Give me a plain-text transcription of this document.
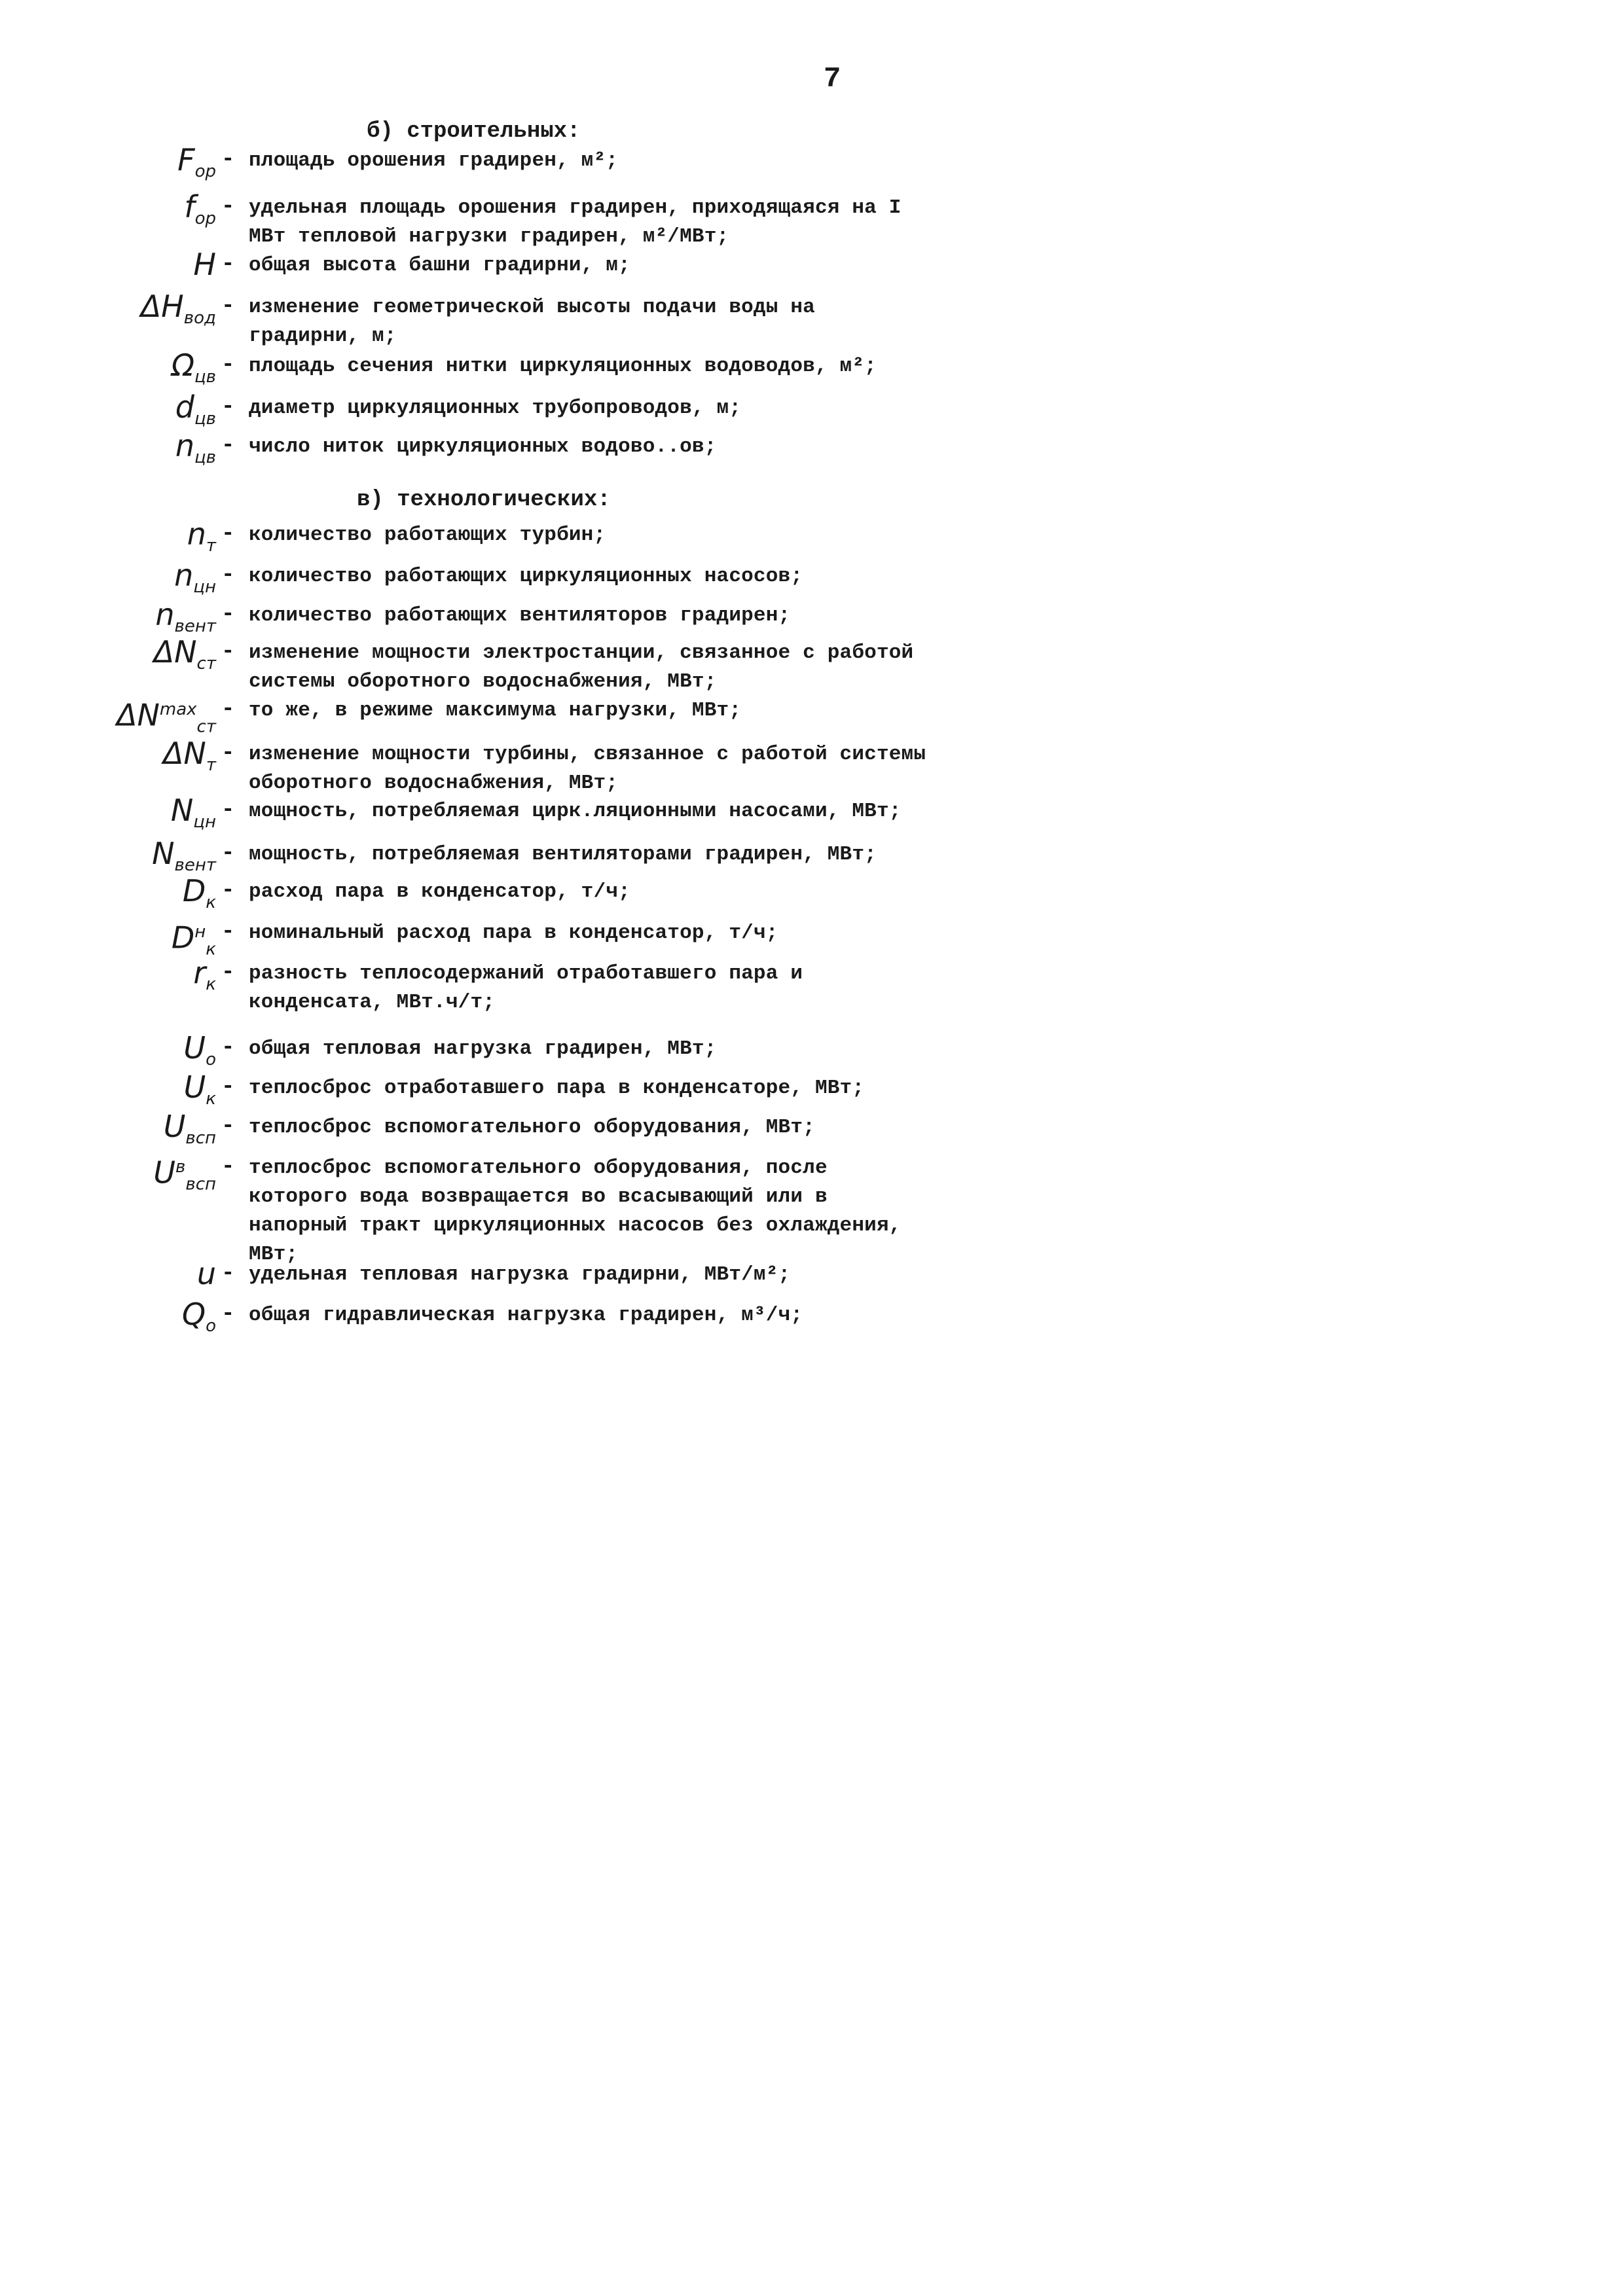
7
б) строительных:
$F_{ор}$ - площадь орошения градирен, м²;
$f_{ор}$ - удельная площадь орошения градирен, приходящаяся на I МВт тепловой нагрузки градирен, м²/МВт;
H - общая высота башни градирни, м;
$\Delta H_{вод}$ - изменение геометрической высоты подачи воды на градирни, м;
$\Omega_{цв}$ - площадь сечения нитки циркуляционных водоводов, м²;
$d_{цв}$ - диаметр циркуляционных трубопроводов, м;
$n_{цв}$ - число ниток циркуляционных водово..ов;
в) технологических:
$n_т$ - количество работающих турбин;
$n_{цн}$ - количество работающих циркуляционных насосов;
$n_{вент}$ - количество работающих вентиляторов градирен;
$\Delta N_{ст}$ - изменение мощности электростанции, связанное с работой системы оборотного водоснабжения, МВт;
$\Delta N^{max}_{ст}$
- то же, в режиме максимума нагрузки, МВт;
$\Delta N_т$ - изменение мощности турбины, связанное с работой системы оборотного водоснабжения, МВт;
$N_{цн}$ - мощность, потребляемая цирк.ляционными насосами, МВт;
$N_{вент}$ - мощность, потребляемая вентиляторами градирен, МВт;
$D_к$ - расход пара в конденсатор, т/ч;
$D^н_к$
- номинальный расход пара в конденсатор, т/ч;
$r_к$ - разность теплосодержаний отработавшего пара и конденсата, МВт.ч/т;
$U_о$ - общая тепловая нагрузка градирен, МВт;
$U_к$ - теплосброс отработавшего пара в конденсаторе, МВт;
$U_{всп}$ - теплосброс вспомогательного оборудования, МВт;
$U^в_{всп}$
- теплосброс вспомогательного оборудования, после которого вода возвращается во всасывающий или в напорный тракт циркуляционных насосов без охлаждения, МВт;
u - удельная тепловая нагрузка градирни, МВт/м²;
$Q_о$ - общая гидравлическая нагрузка градирен, м³/ч;
